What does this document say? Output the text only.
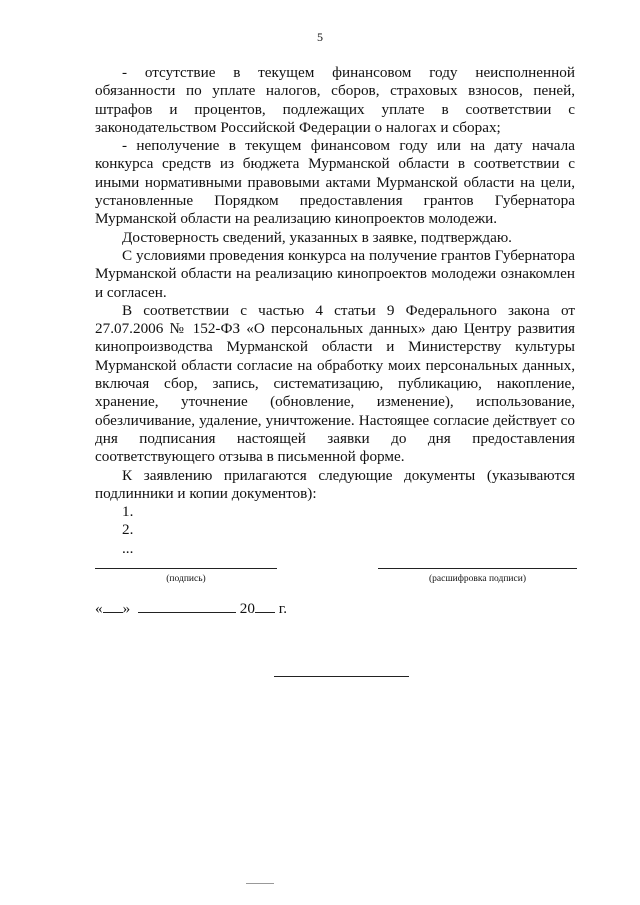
5

- отсутствие в текущем финансовом году неисполненной обязанности по уплате налогов, сборов, страховых взносов, пеней, штрафов и процентов, подлежащих уплате в соответствии с законодательством Российской Федерации о налогах и сборах;

- неполучение в текущем финансовом году или на дату начала конкурса средств из бюджета Мурманской области в соответствии с иными нормативными правовыми актами Мурманской области на цели, установленные Порядком предоставления грантов Губернатора Мурманской области на реализацию кинопроектов молодежи.

Достоверность сведений, указанных в заявке, подтверждаю.

С условиями проведения конкурса на получение грантов Губернатора Мурманской области на реализацию кинопроектов молодежи ознакомлен и согласен.

В соответствии с частью 4 статьи 9 Федерального закона от 27.07.2006 № 152-ФЗ «О персональных данных» даю Центру развития кинопроизводства Мурманской области и Министерству культуры Мурманской области согласие на обработку моих персональных данных, включая сбор, запись, систематизацию, публикацию, накопление, хранение, уточнение (обновление, изменение), использование, обезличивание, удаление, уничтожение. Настоящее согласие действует со дня подписания настоящей заявки до дня предоставления соответствующего отзыва в письменной форме.

К заявлению прилагаются следующие документы (указываются подлинники и копии документов):

1.
2.
...
(подпись)	(расшифровка подписи)
« »	20 г.
